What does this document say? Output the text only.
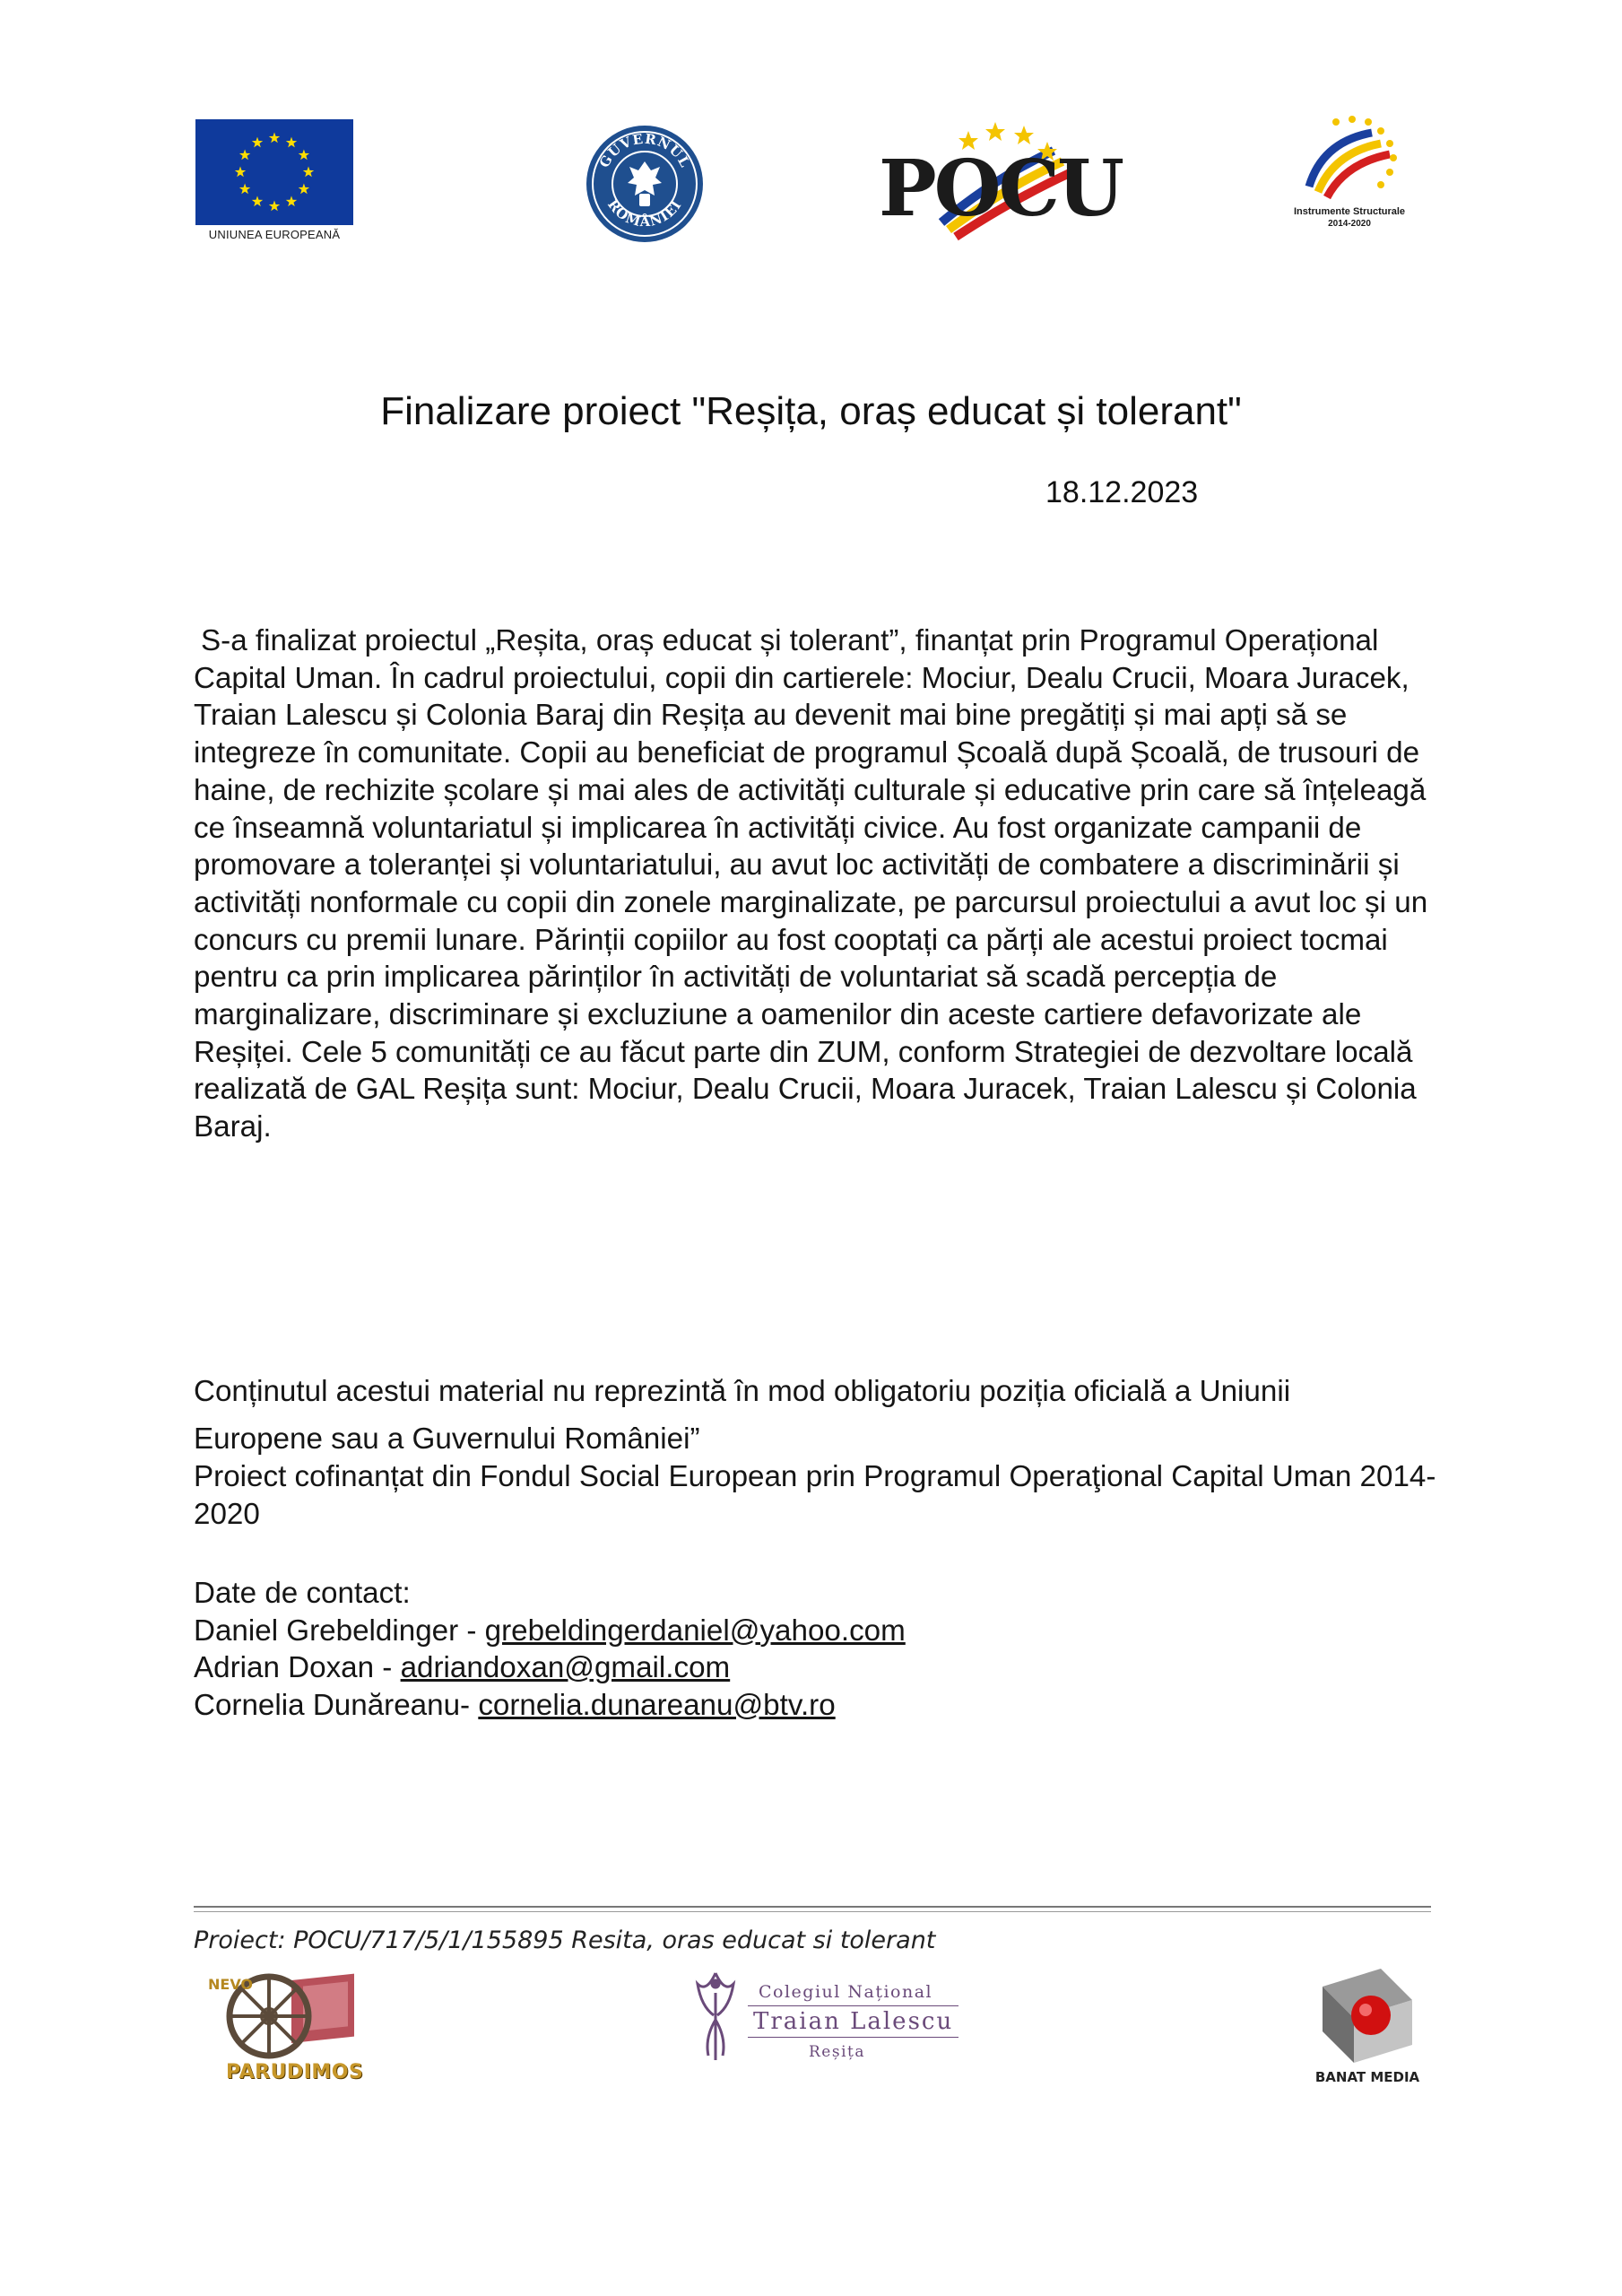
UNIUNEA EUROPEANĂ
GUVERNUL
ROMÂNIEI	POCU	Instrumente Structurale
2014-2020
Finalizare proiect "Reșița, oraș educat și tolerant"
18.12.2023
S-a finalizat proiectul „Reșita, oraș educat și tolerant”, finanțat prin Programul Operațional Capital Uman. În cadrul proiectului, copii din cartierele: Mociur, Dealu Crucii, Moara Juracek, Traian Lalescu și Colonia Baraj din Reșița au devenit mai bine pregătiți și mai apți să se integreze în comunitate. Copii au beneficiat de programul Școală după Școală, de trusouri de haine, de rechizite școlare și mai ales de activități culturale și educative prin care să înțeleagă ce înseamnă voluntariatul și implicarea în activități civice. Au fost organizate campanii de promovare a toleranței și voluntariatului, au avut loc activități de combatere a discriminării și activități nonformale cu copii din zonele marginalizate, pe parcursul proiectului a avut loc și un concurs cu premii lunare. Părinții copiilor au fost cooptați ca părți ale acestui proiect tocmai pentru ca prin implicarea părinților în activități de voluntariat să scadă percepția de marginalizare, discriminare și excluziune a oamenilor din aceste cartiere defavorizate ale Reșiței. Cele 5 comunități ce au făcut parte din ZUM, conform Strategiei de dezvoltare locală realizată de GAL Reșița sunt: Mociur, Dealu Crucii, Moara Juracek, Traian Lalescu și Colonia Baraj.
Conținutul acestui material nu reprezintă în mod obligatoriu poziția oficială a Uniunii
Europene sau a Guvernului României”
Proiect cofinanțat din Fondul Social European prin Programul Operaţional Capital Uman 2014-2020
Date de contact:
Daniel Grebeldinger - grebeldingerdaniel@yahoo.com
Adrian Doxan - adriandoxan@gmail.com
Cornelia Dunăreanu- cornelia.dunareanu@btv.ro
Proiect: POCU/717/5/1/155895 Resita, oras educat si tolerant
NEVO
PARUDIMOS
Colegiul Național
Traian Lalescu
Reșița
BANAT MEDIA
